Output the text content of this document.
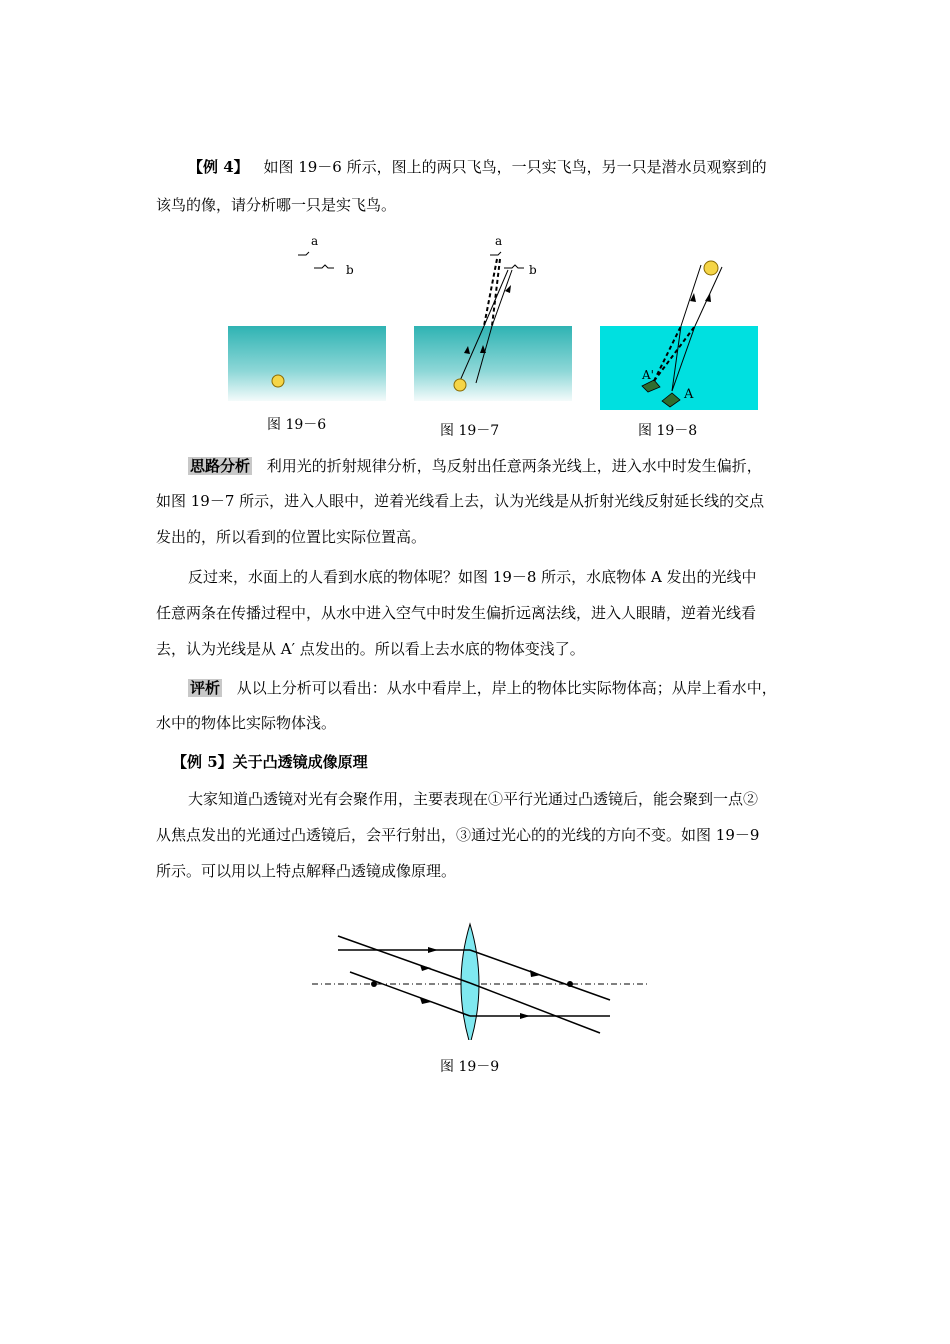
【例 4】 如图 19－6 所示，图上的两只飞鸟，一只实飞鸟，另一只是潜水员观察到的
该鸟的像，请分析哪一只是实飞鸟。
a
b
图 19－6
a
b
图 19－7
A'
A
图 19－8
思路分析 利用光的折射规律分析，鸟反射出任意两条光线上，进入水中时发生偏折，
如图 19－7 所示，进入人眼中，逆着光线看上去，认为光线是从折射光线反射延长线的交点
发出的，所以看到的位置比实际位置高。
反过来，水面上的人看到水底的物体呢？如图 19－8 所示，水底物体 A 发出的光线中
任意两条在传播过程中，从水中进入空气中时发生偏折远离法线，进入人眼睛，逆着光线看
去，认为光线是从 A′ 点发出的。所以看上去水底的物体变浅了。
评析 从以上分析可以看出：从水中看岸上，岸上的物体比实际物体高；从岸上看水中，
水中的物体比实际物体浅。
【例 5】关于凸透镜成像原理
大家知道凸透镜对光有会聚作用，主要表现在①平行光通过凸透镜后，能会聚到一点②
从焦点发出的光通过凸透镜后，会平行射出，③通过光心的的光线的方向不变。如图 19－9
所示。可以用以上特点解释凸透镜成像原理。
图 19－9
